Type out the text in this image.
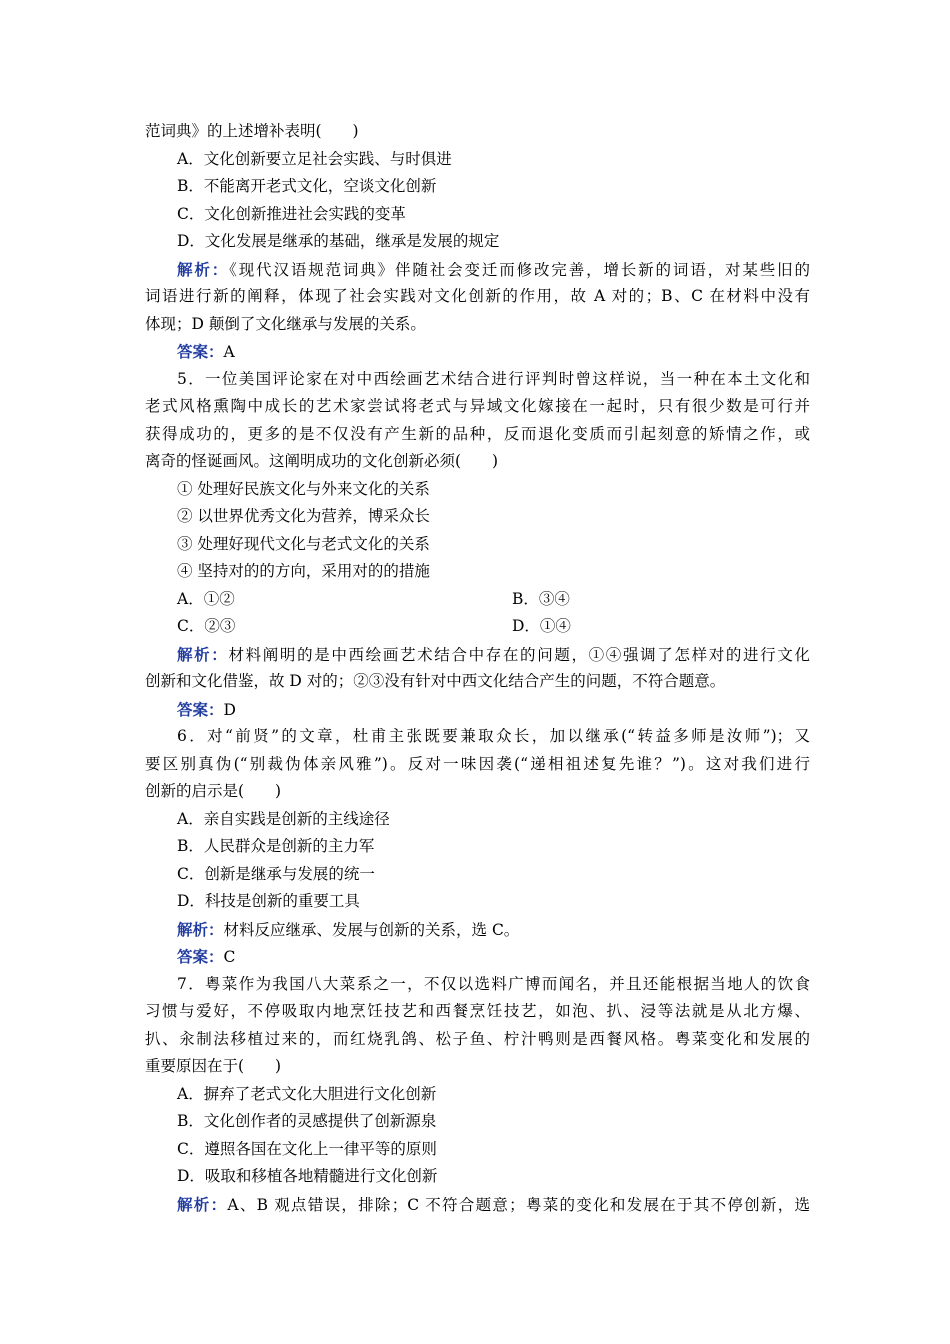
范词典》的上述增补表明(　　)
A．文化创新要立足社会实践、与时俱进
B．不能离开老式文化，空谈文化创新
C．文化创新推进社会实践的变革
D．文化发展是继承的基础，继承是发展的规定
解析：《现代汉语规范词典》伴随社会变迁而修改完善，增长新的词语，对某些旧的
词语进行新的阐释，体现了社会实践对文化创新的作用，故 A 对的；B、C 在材料中没有
体现；D 颠倒了文化继承与发展的关系。
答案：A
5．一位美国评论家在对中西绘画艺术结合进行评判时曾这样说，当一种在本土文化和
老式风格熏陶中成长的艺术家尝试将老式与异域文化嫁接在一起时，只有很少数是可行并
获得成功的，更多的是不仅没有产生新的品种，反而退化变质而引起刻意的矫情之作，或
离奇的怪诞画风。这阐明成功的文化创新必须(　　)
① 处理好民族文化与外来文化的关系
② 以世界优秀文化为营养，博采众长
③ 处理好现代文化与老式文化的关系
④ 坚持对的的方向，采用对的的措施
A．①②	B．③④
C．②③	D．①④
解析：材料阐明的是中西绘画艺术结合中存在的问题，①④强调了怎样对的进行文化
创新和文化借鉴，故 D 对的；②③没有针对中西文化结合产生的问题，不符合题意。
答案：D
6．对“前贤”的文章，杜甫主张既要兼取众长，加以继承(“转益多师是汝师”)；又
要区别真伪(“别裁伪体亲风雅”)。反对一味因袭(“递相祖述复先谁？”)。这对我们进行
创新的启示是(　　)
A．亲自实践是创新的主线途径
B．人民群众是创新的主力军
C．创新是继承与发展的统一
D．科技是创新的重要工具
解析：材料反应继承、发展与创新的关系，选 C。
答案：C
7．粤菜作为我国八大菜系之一，不仅以选料广博而闻名，并且还能根据当地人的饮食
习惯与爱好，不停吸取内地烹饪技艺和西餐烹饪技艺，如泡、扒、浸等法就是从北方爆、
扒、汆制法移植过来的，而红烧乳鸽、松子鱼、柠汁鸭则是西餐风格。粤菜变化和发展的
重要原因在于(　　)
A．摒弃了老式文化大胆进行文化创新
B．文化创作者的灵感提供了创新源泉
C．遵照各国在文化上一律平等的原则
D．吸取和移植各地精髓进行文化创新
解析：A、B 观点错误，排除；C 不符合题意；粤菜的变化和发展在于其不停创新，选
